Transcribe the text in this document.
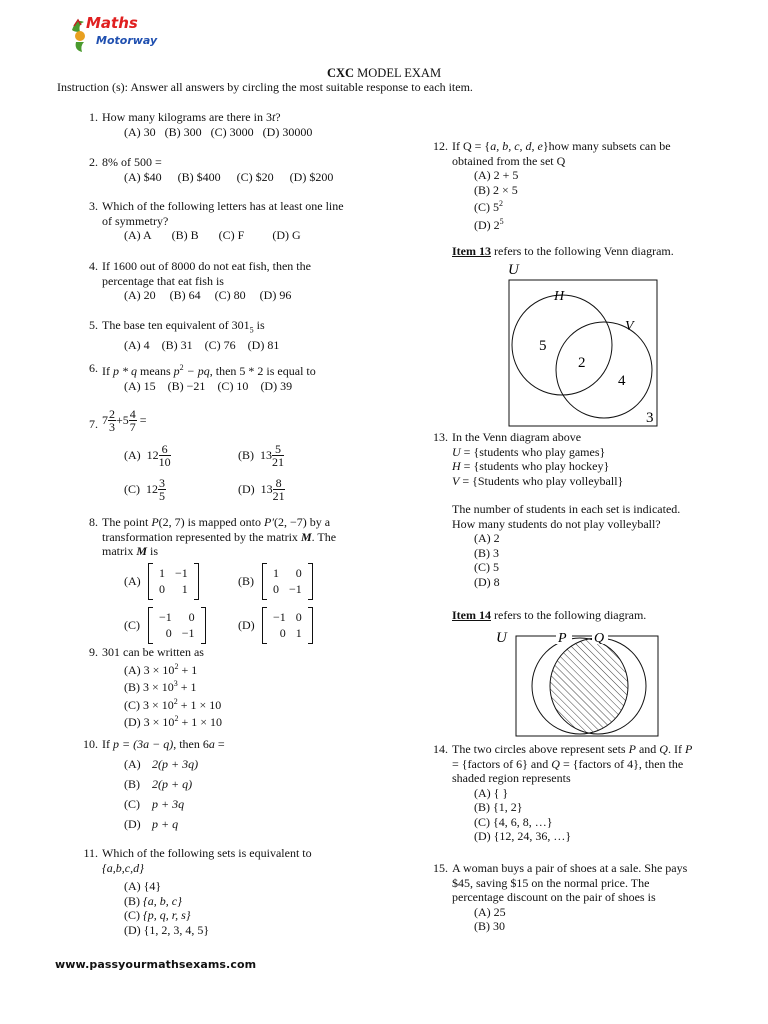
Maths
Motorway
CXC MODEL EXAM
Instruction (s): Answer all answers by circling the most suitable response to each item.
1. How many kilograms are there in 3t?
(A) 30 (B) 300 (C) 3000 (D) 30000
2. 8% of 500 =
(A) $40 (B) $400 (C) $20 (D) $200
3. Which of the following letters has at least one line
of symmetry?
(A) A (B) B (C) F (D) G
4. If 1600 out of 8000 do not eat fish, then the
percentage that eat fish is
(A) 20 (B) 64 (C) 80 (D) 96
5. The base ten equivalent of $301_5$ is
(A) 4 (B) 31 (C) 76 (D) 81
6. If p * q means $p^2$ − pq, then 5 * 2 is equal to
(A) 15 (B) −21 (C) 10 (D) 39
7. $7 \frac{2}{3} +5 \frac{4}{7}$ =
(A) $12 \frac{6}{10}$	(B) $13 \frac{5}{21}$
(C) $12 \frac{3}{5}$	(D) $13 \frac{8}{21}$
8. The point P(2, 7) is mapped onto P′(2, −7) by a
transformation represented by the matrix M. The
matrix M is
(A)
1	−1
0	1
(B)
1	0
0	−1
(C)
−1	0
0	−1
(D)
−1	0
0	1
9. 301 can be written as
(A) $3 \times 10^2 + 1$
(B) $3 \times 10^3 + 1$
(C) $3 \times 10^2 + 1 \times 10$
(D) $3 \times 10^2 + 1 \times 10$
10. If p = (3a − q), then 6a =
(A) 2(p + 3q)
(B) 2(p + q)
(C) p + 3q
(D) p + q
11. Which of the following sets is equivalent to
{a,b,c,d}
(A) {4}
(B) {a, b, c}
(C) {p, q, r, s}
(D) {1, 2, 3, 4, 5}
12. If Q = {a, b, c, d, e}how many subsets can be
obtained from the set Q
(A) 2 + 5
(B) 2 × 5
(C) $5^2$
(D) $2^5$
Item 13 refers to the following Venn diagram.
U
H
V
5
2
4
3
13. In the Venn diagram above
U = {students who play games}
H = {students who play hockey}
V = {Students who play volleyball}
The number of students in each set is indicated.
How many students do not play volleyball?
(A) 2
(B) 3
(C) 5
(D) 8
Item 14 refers to the following diagram.
U	P Q
14. The two circles above represent sets P and Q. If P
= {factors of 6} and Q = {factors of 4}, then the
shaded region represents
(A) { }
(B) {1, 2}
(C) {4, 6, 8, …}
(D) {12, 24, 36, …}
15. A woman buys a pair of shoes at a sale. She pays
$45, saving $15 on the normal price. The
percentage discount on the pair of shoes is
(A) 25
(B) 30
www.passyourmathsexams.com
